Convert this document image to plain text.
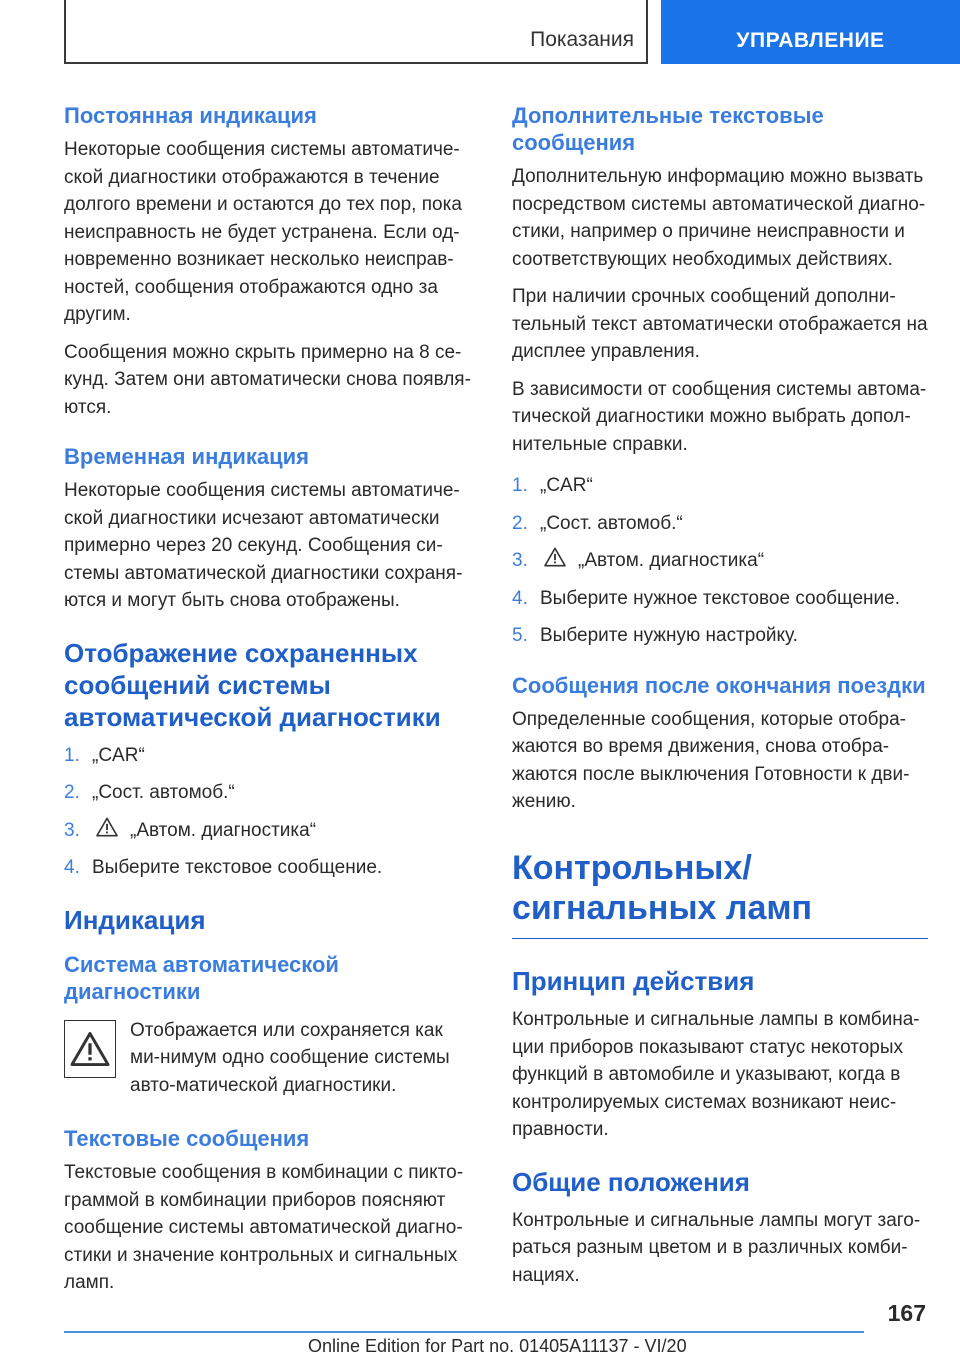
Показания	УПРАВЛЕНИЕ
Постоянная индикация
Некоторые сообщения системы автоматиче-ской диагностики отображаются в течение долгого времени и остаются до тех пор, пока неисправность не будет устранена. Если од-новременно возникает несколько неисправ-ностей, сообщения отображаются одно за другим.
Сообщения можно скрыть примерно на 8 се-кунд. Затем они автоматически снова появля-ются.
Временная индикация
Некоторые сообщения системы автоматиче-ской диагностики исчезают автоматически примерно через 20 секунд. Сообщения си-стемы автоматической диагностики сохраня-ются и могут быть снова отображены.
Отображение сохраненных сообщений системы автоматической диагностики
1. „CAR“
2. „Сост. автомоб.“
3.	„Автом. диагностика“
4. Выберите текстовое сообщение.
Индикация
Система автоматической диагностики
Отображается или сохраняется как ми-нимум одно сообщение системы авто-матической диагностики.
Текстовые сообщения
Текстовые сообщения в комбинации с пикто-граммой в комбинации приборов поясняют сообщение системы автоматической диагно-стики и значение контрольных и сигнальных ламп.
Дополнительные текстовые сообщения
Дополнительную информацию можно вызвать посредством системы автоматической диагно-стики, например о причине неисправности и соответствующих необходимых действиях.
При наличии срочных сообщений дополни-тельный текст автоматически отображается на дисплее управления.
В зависимости от сообщения системы автома-тической диагностики можно выбрать допол-нительные справки.
1. „CAR“
2. „Сост. автомоб.“
3.	„Автом. диагностика“
4. Выберите нужное текстовое сообщение.
5. Выберите нужную настройку.
Сообщения после окончания поездки
Определенные сообщения, которые отобра-жаются во время движения, снова отобра-жаются после выключения Готовности к дви-жению.
Контрольных/сигнальных ламп
Принцип действия
Контрольные и сигнальные лампы в комбина-ции приборов показывают статус некоторых функций в автомобиле и указывают, когда в контролируемых системах возникают неис-правности.
Общие положения
Контрольные и сигнальные лампы могут заго-раться разным цветом и в различных комби-нациях.
167
Online Edition for Part no. 01405A11137 - VI/20
